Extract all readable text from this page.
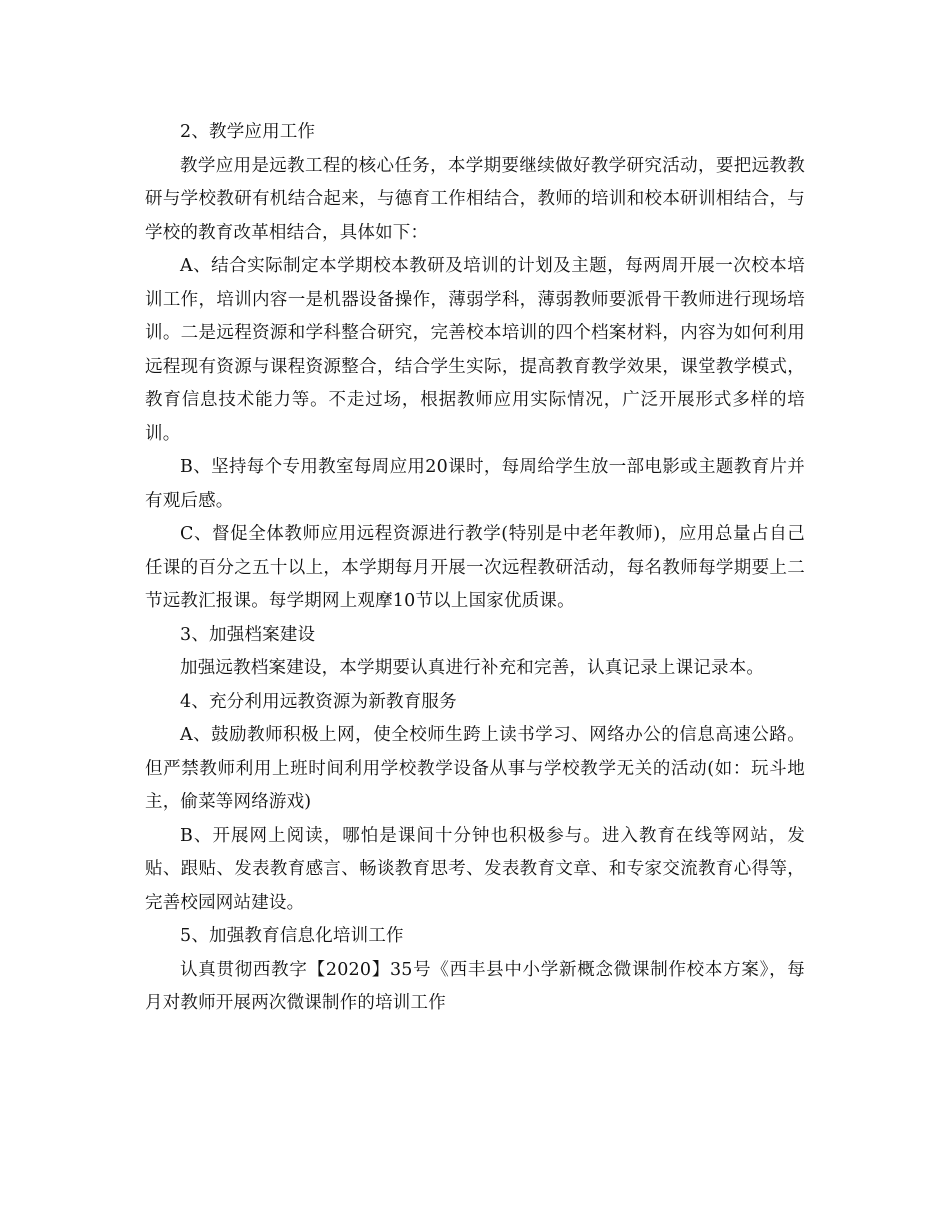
2、教学应用工作

教学应用是远教工程的核心任务，本学期要继续做好教学研究活动，要把远教教研与学校教研有机结合起来，与德育工作相结合，教师的培训和校本研训相结合，与学校的教育改革相结合，具体如下：

A、结合实际制定本学期校本教研及培训的计划及主题，每两周开展一次校本培训工作，培训内容一是机器设备操作，薄弱学科，薄弱教师要派骨干教师进行现场培训。二是远程资源和学科整合研究，完善校本培训的四个档案材料，内容为如何利用远程现有资源与课程资源整合，结合学生实际，提高教育教学效果，课堂教学模式，教育信息技术能力等。不走过场，根据教师应用实际情况，广泛开展形式多样的培训。

B、坚持每个专用教室每周应用20课时，每周给学生放一部电影或主题教育片并有观后感。

C、督促全体教师应用远程资源进行教学(特别是中老年教师)，应用总量占自己任课的百分之五十以上，本学期每月开展一次远程教研活动，每名教师每学期要上二节远教汇报课。每学期网上观摩10节以上国家优质课。

3、加强档案建设

加强远教档案建设，本学期要认真进行补充和完善，认真记录上课记录本。

4、充分利用远教资源为新教育服务

A、鼓励教师积极上网，使全校师生跨上读书学习、网络办公的信息高速公路。但严禁教师利用上班时间利用学校教学设备从事与学校教学无关的活动(如：玩斗地主，偷菜等网络游戏)

B、开展网上阅读，哪怕是课间十分钟也积极参与。进入教育在线等网站，发贴、跟贴、发表教育感言、畅谈教育思考、发表教育文章、和专家交流教育心得等，完善校园网站建设。

5、加强教育信息化培训工作

认真贯彻西教字【2020】35号《西丰县中小学新概念微课制作校本方案》，每月对教师开展两次微课制作的培训工作
